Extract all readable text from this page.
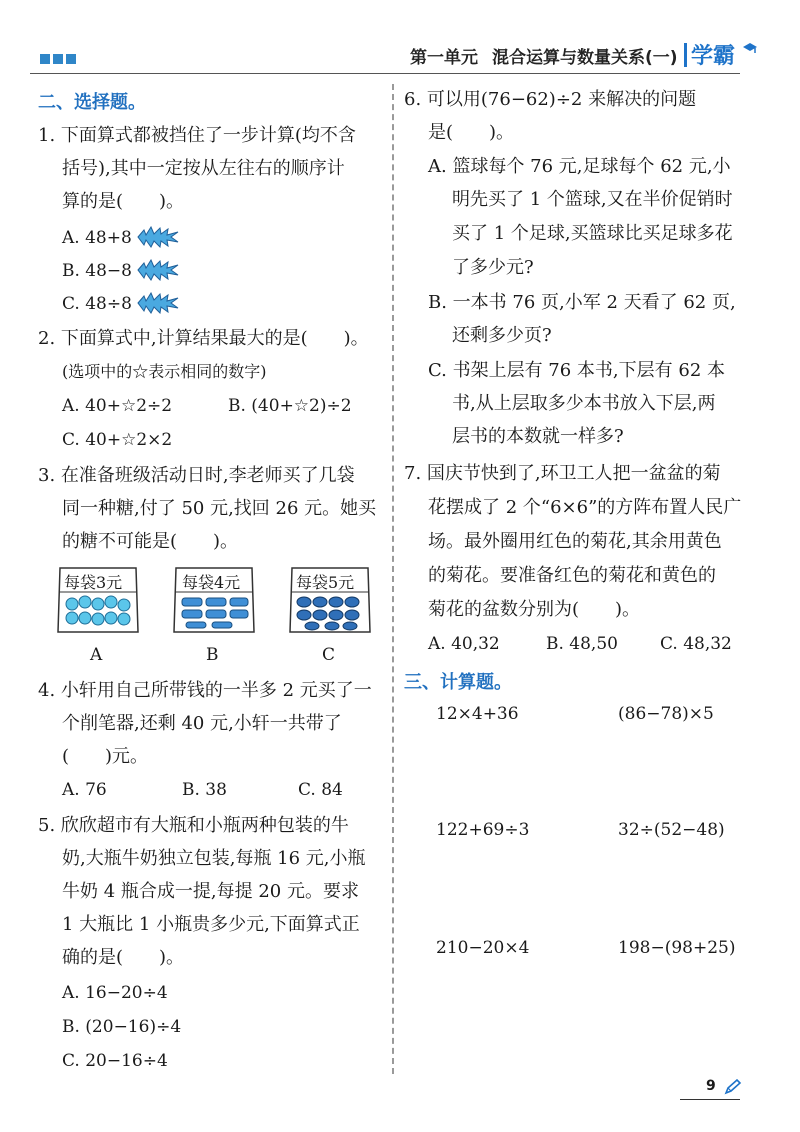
第一单元 混合运算与数量关系(一) 学霸
二、选择题。
1. 下面算式都被挡住了一步计算(均不含
括号),其中一定按从左往右的顺序计
算的是(　　)。
A. 48+8
B. 48−8
C. 48÷8
2. 下面算式中,计算结果最大的是(　　)。
(选项中的☆表示相同的数字)
A. 40+☆2÷2	B. (40+☆2)÷2
C. 40+☆2×2
3. 在准备班级活动日时,李老师买了几袋
同一种糖,付了 50 元,找回 26 元。她买
的糖不可能是(　　)。
每袋3元
A
每袋4元
B
每袋5元
C
4. 小轩用自己所带钱的一半多 2 元买了一
个削笔器,还剩 40 元,小轩一共带了
(　　)元。
A. 76	B. 38	C. 84
5. 欣欣超市有大瓶和小瓶两种包装的牛
奶,大瓶牛奶独立包装,每瓶 16 元,小瓶
牛奶 4 瓶合成一提,每提 20 元。要求
1 大瓶比 1 小瓶贵多少元,下面算式正
确的是(　　)。
A. 16−20÷4
B. (20−16)÷4
C. 20−16÷4
6. 可以用(76−62)÷2 来解决的问题
是(　　)。
A. 篮球每个 76 元,足球每个 62 元,小
明先买了 1 个篮球,又在半价促销时
买了 1 个足球,买篮球比买足球多花
了多少元?
B. 一本书 76 页,小军 2 天看了 62 页,
还剩多少页?
C. 书架上层有 76 本书,下层有 62 本
书,从上层取多少本书放入下层,两
层书的本数就一样多?
7. 国庆节快到了,环卫工人把一盆盆的菊
花摆成了 2 个“6×6”的方阵布置人民广
场。最外圈用红色的菊花,其余用黄色
的菊花。要准备红色的菊花和黄色的
菊花的盆数分别为(　　)。
A. 40,32	B. 48,50 C. 48,32
三、计算题。
12×4+36	(86−78)×5
122+69÷3	32÷(52−48)
210−20×4	198−(98+25)
9
